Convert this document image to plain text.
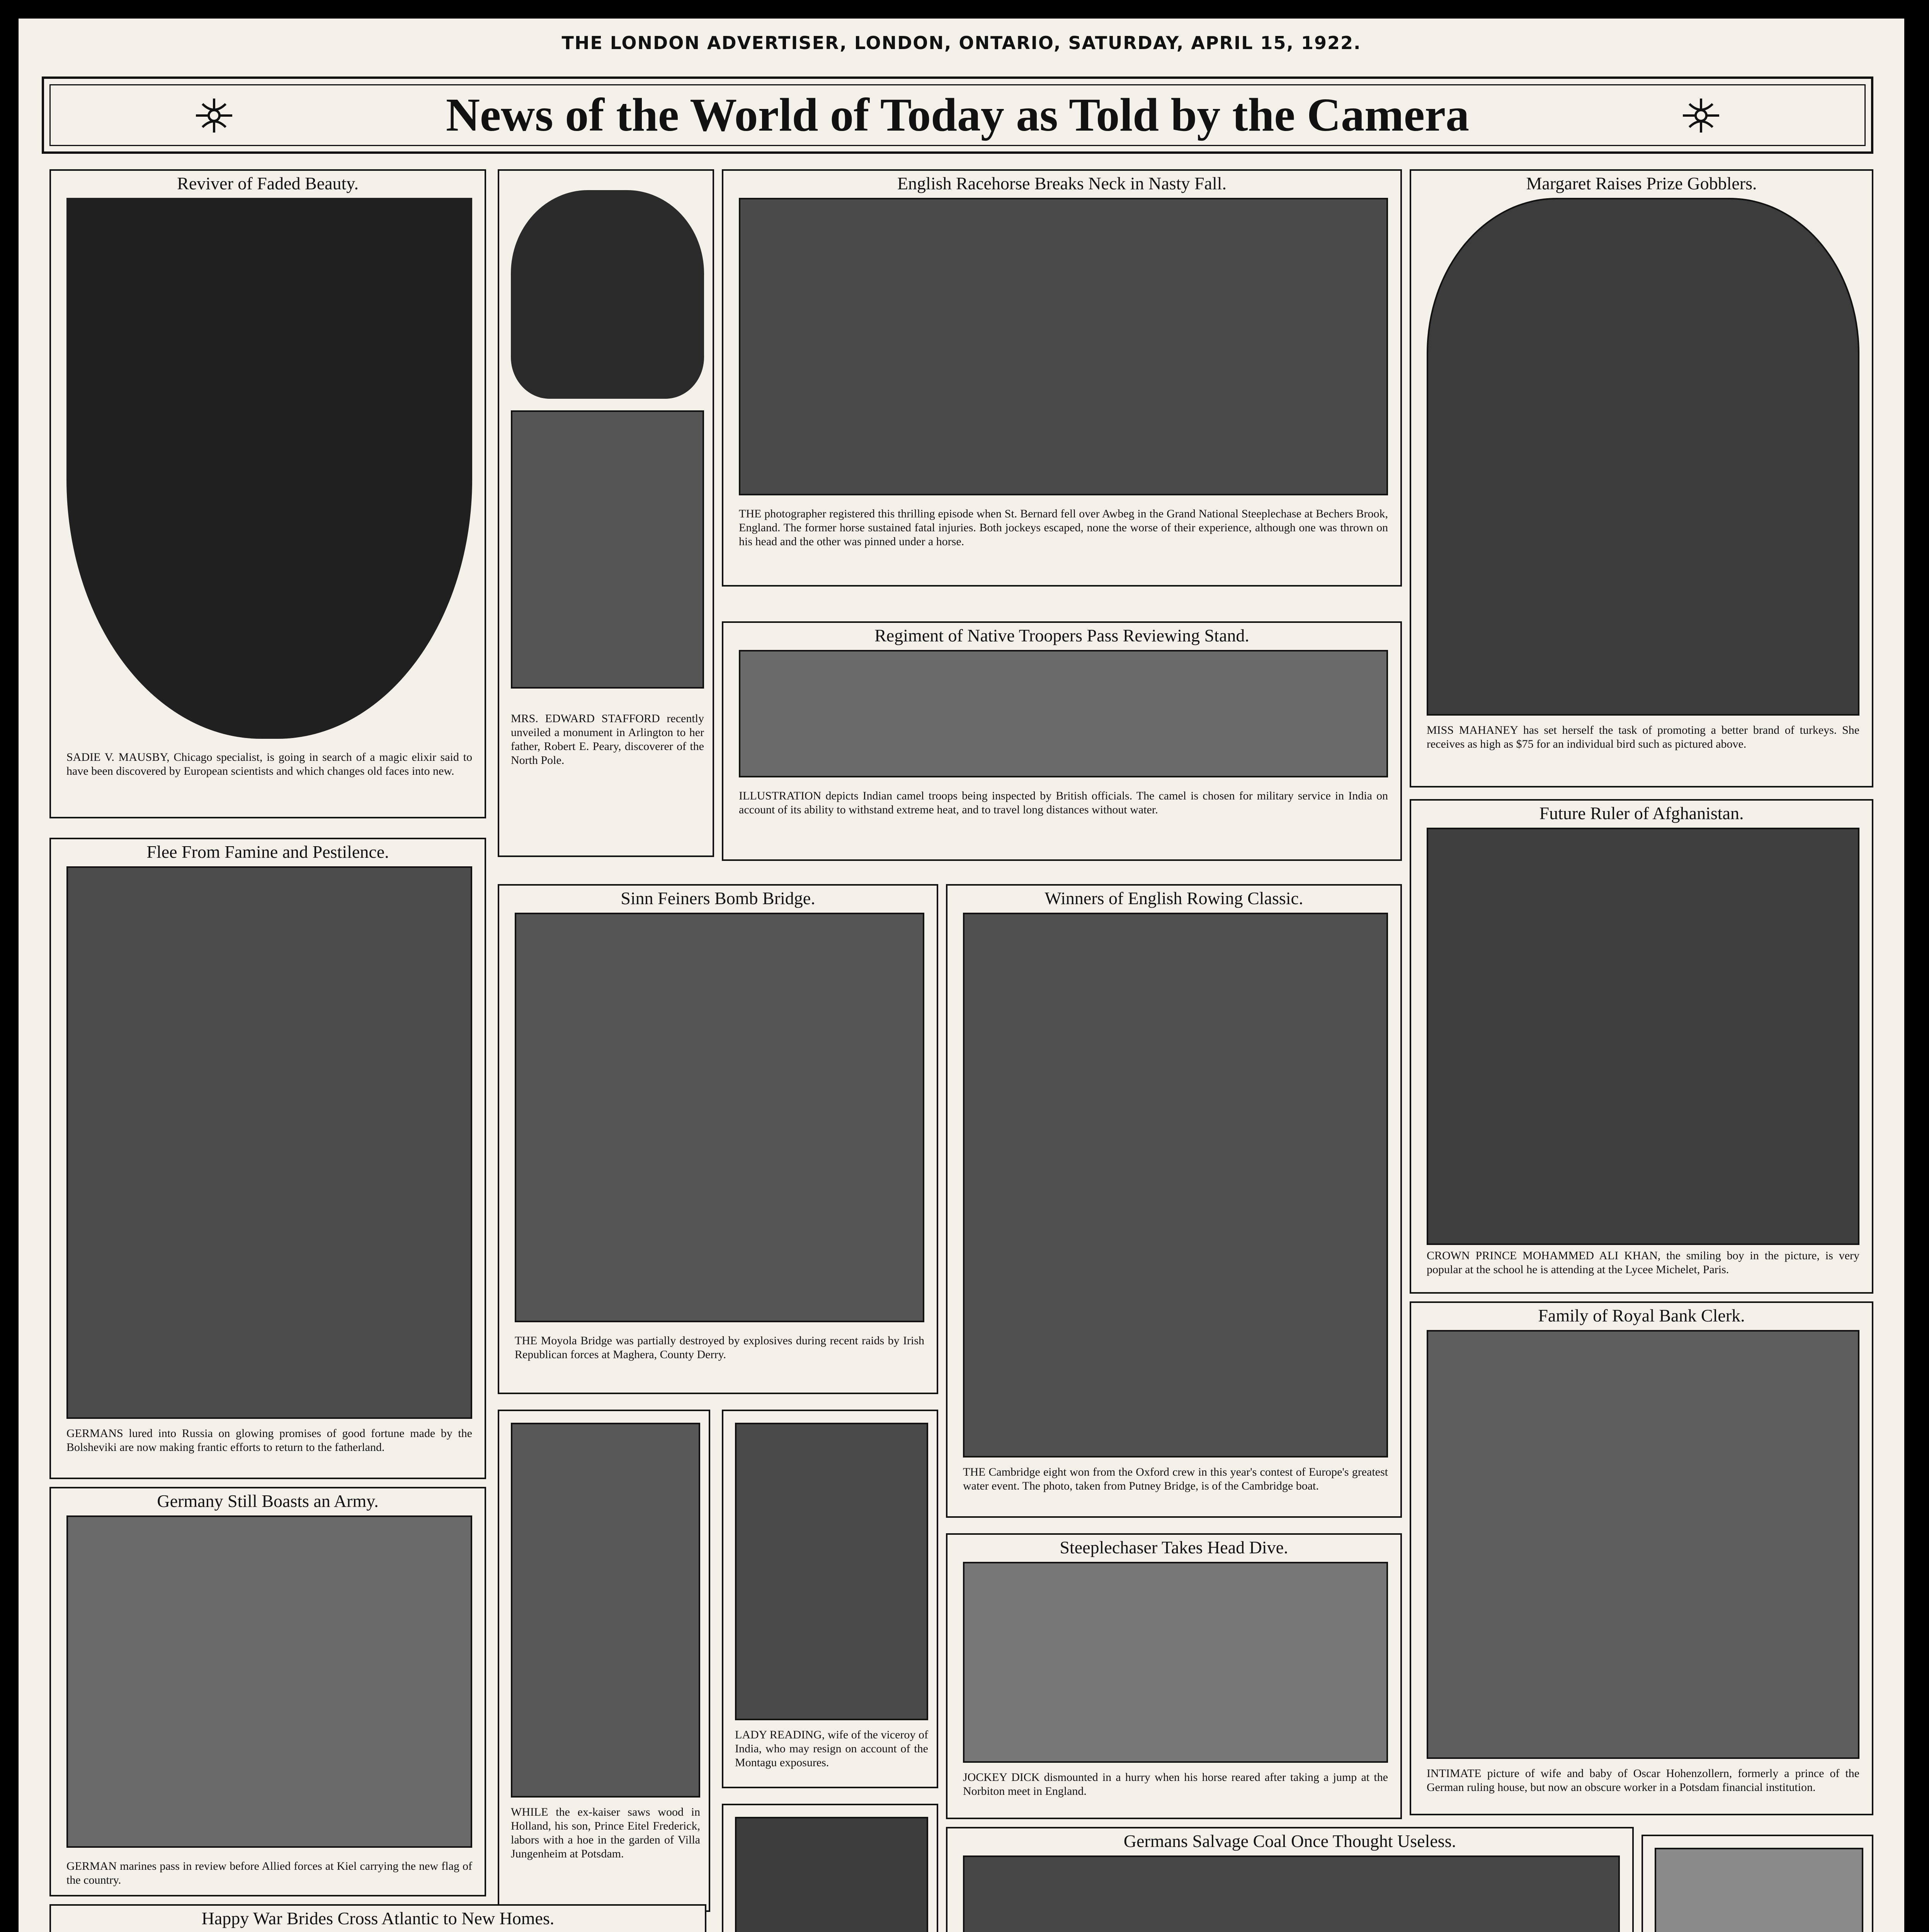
THE LONDON ADVERTISER, LONDON, ONTARIO, SATURDAY, APRIL 15, 1922.
News of the World of Today as Told by the Camera
Reviver of Faded Beauty.
SADIE V. MAUSBY, Chicago specialist, is going in search of a magic elixir said to have been discovered by European scientists and which changes old faces into new.
MRS. EDWARD STAFFORD recently unveiled a monument in Arlington to her father, Robert E. Peary, discoverer of the North Pole.
English Racehorse Breaks Neck in Nasty Fall.
THE photographer registered this thrilling episode when St. Bernard fell over Awbeg in the Grand National Steeplechase at Bechers Brook, England. The former horse sustained fatal injuries. Both jockeys escaped, none the worse of their experience, although one was thrown on his head and the other was pinned under a horse.
Margaret Raises Prize Gobblers.
MISS MAHANEY has set herself the task of promoting a better brand of turkeys. She receives as high as $75 for an individual bird such as pictured above.
Regiment of Native Troopers Pass Reviewing Stand.
ILLUSTRATION depicts Indian camel troops being inspected by British officials. The camel is chosen for military service in India on account of its ability to withstand extreme heat, and to travel long distances without water.
Flee From Famine and Pestilence.
GERMANS lured into Russia on glowing promises of good fortune made by the Bolsheviki are now making frantic efforts to return to the fatherland.
Sinn Feiners Bomb Bridge.
THE Moyola Bridge was partially destroyed by explosives during recent raids by Irish Republican forces at Maghera, County Derry.
Winners of English Rowing Classic.
THE Cambridge eight won from the Oxford crew in this year's contest of Europe's greatest water event. The photo, taken from Putney Bridge, is of the Cambridge boat.
Future Ruler of Afghanistan.
CROWN PRINCE MOHAMMED ALI KHAN, the smiling boy in the picture, is very popular at the school he is attending at the Lycee Michelet, Paris.
Germany Still Boasts an Army.
GERMAN marines pass in review before Allied forces at Kiel carrying the new flag of the country.
WHILE the ex-kaiser saws wood in Holland, his son, Prince Eitel Frederick, labors with a hoe in the garden of Villa Jungenheim at Potsdam.
LADY READING, wife of the viceroy of India, who may resign on account of the Montagu exposures.
Family of Royal Bank Clerk.
INTIMATE picture of wife and baby of Oscar Hohenzollern, formerly a prince of the German ruling house, but now an obscure worker in a Potsdam financial institution.
Steeplechaser Takes Head Dive.
JOCKEY DICK dismounted in a hurry when his horse reared after taking a jump at the Norbiton meet in England.
Happy War Brides Cross Atlantic to New Homes.
Germans Salvage Coal Once Thought Useless.
